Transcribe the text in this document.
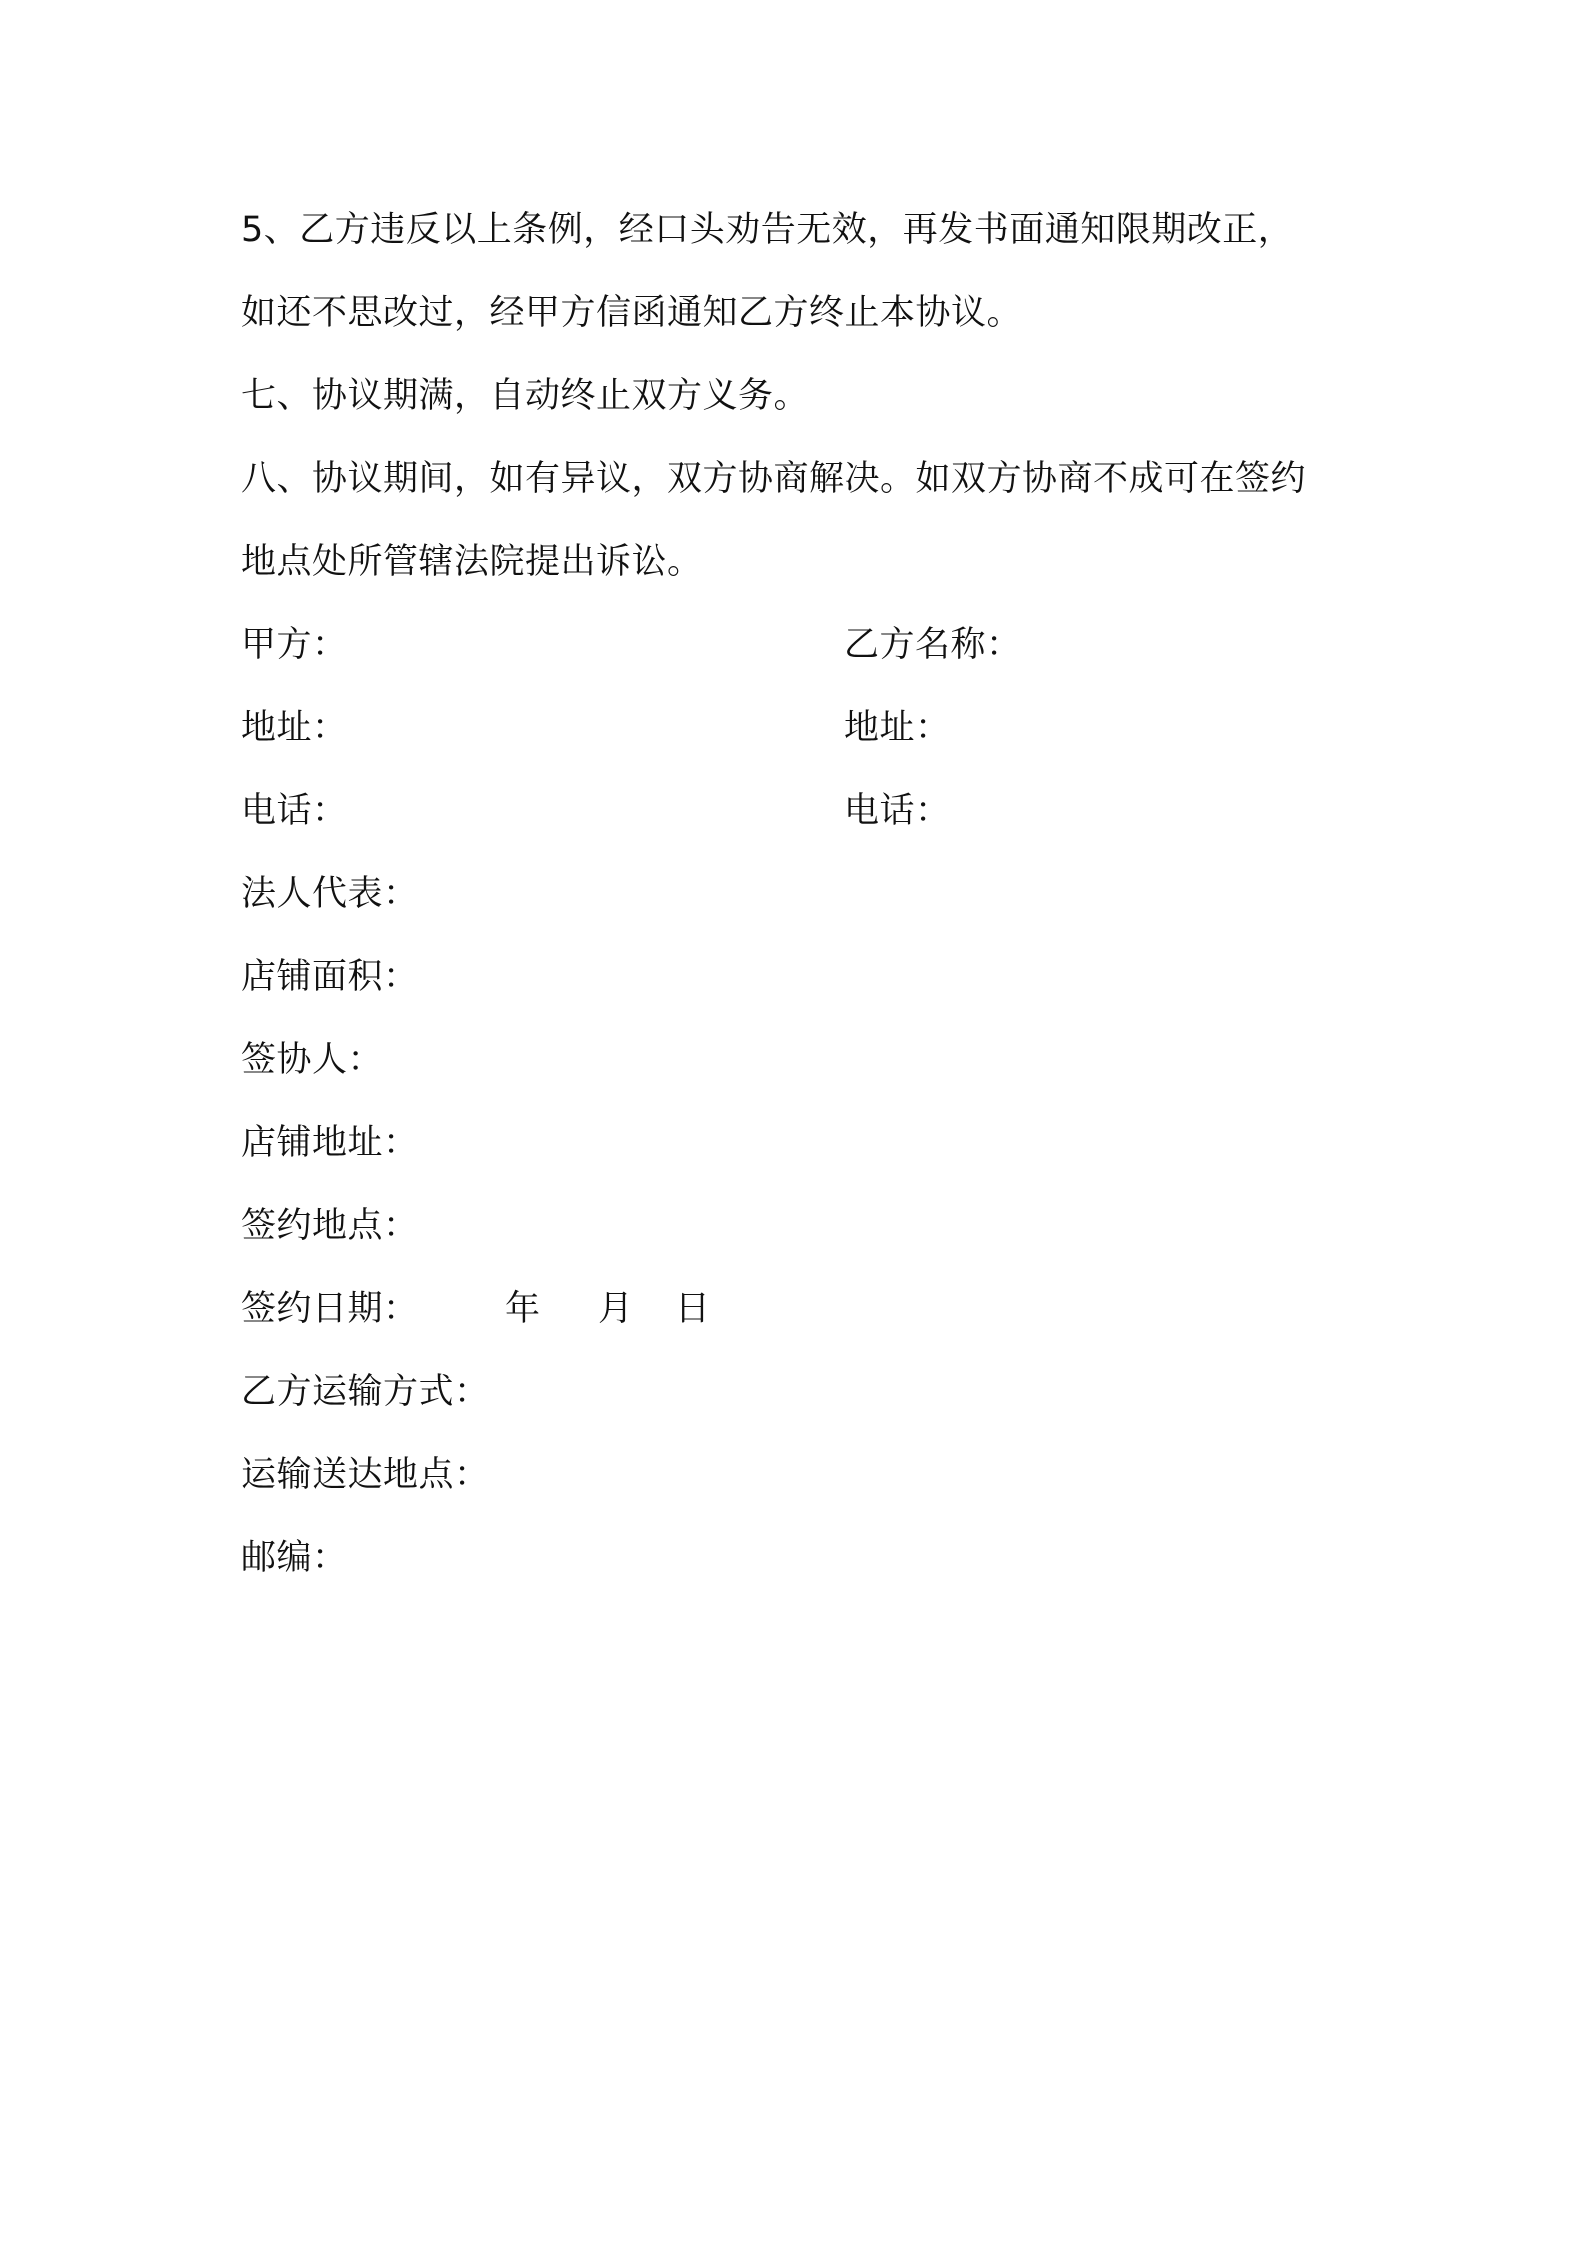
5、乙方违反以上条例，经口头劝告无效，再发书面通知限期改正，
如还不思改过，经甲方信函通知乙方终止本协议。
七、协议期满，自动终止双方义务。
八、协议期间，如有异议，双方协商解决。如双方协商不成可在签约
地点处所管辖法院提出诉讼。
甲方：	乙方名称：
地址：	地址：
电话：	电话：
法人代表：
店铺面积：
签协人：
店铺地址：
签约地点：
签约日期： 年 月 日
乙方运输方式：
运输送达地点：
邮编：
